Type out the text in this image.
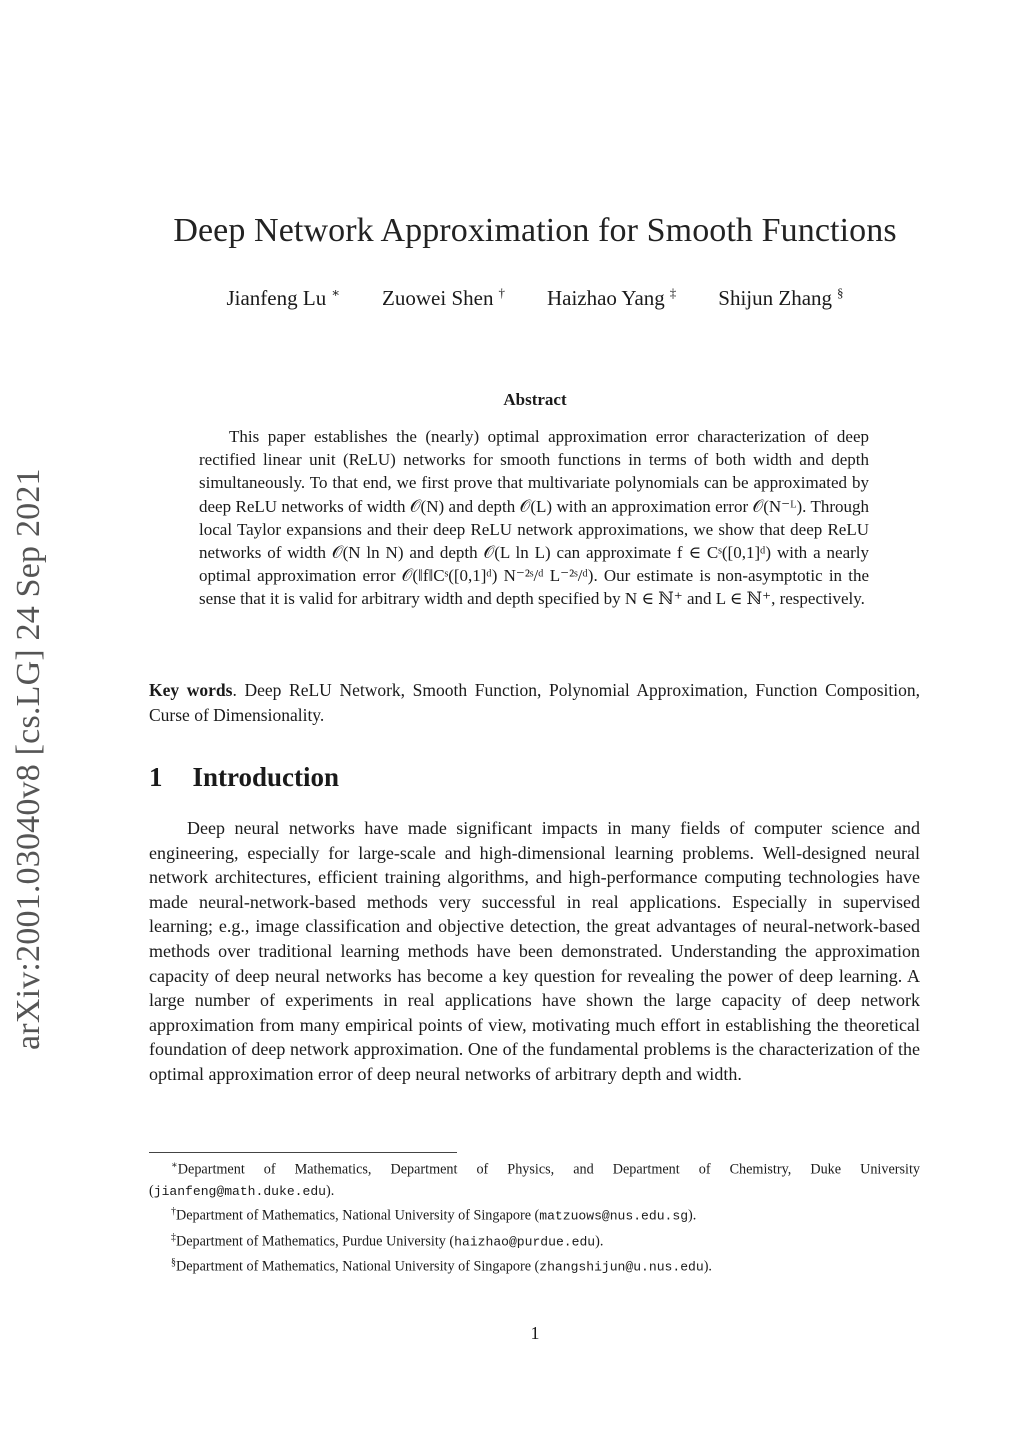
arXiv:2001.03040v8 [cs.LG] 24 Sep 2021
Deep Network Approximation for Smooth Functions
Jianfeng Lu ∗ Zuowei Shen † Haizhao Yang ‡ Shijun Zhang §
Abstract
This paper establishes the (nearly) optimal approximation error characterization of deep rectified linear unit (ReLU) networks for smooth functions in terms of both width and depth simultaneously. To that end, we first prove that multivariate polynomials can be approximated by deep ReLU networks of width 𝒪(N) and depth 𝒪(L) with an approximation error 𝒪(N⁻ᴸ). Through local Taylor expansions and their deep ReLU network approximations, we show that deep ReLU networks of width 𝒪(N ln N) and depth 𝒪(L ln L) can approximate f ∈ Cˢ([0,1]ᵈ) with a nearly optimal approximation error 𝒪(‖f‖Cˢ([0,1]ᵈ) N⁻²ˢ/ᵈ L⁻²ˢ/ᵈ). Our estimate is non-asymptotic in the sense that it is valid for arbitrary width and depth specified by N ∈ ℕ⁺ and L ∈ ℕ⁺, respectively.
Key words. Deep ReLU Network, Smooth Function, Polynomial Approximation, Function Composition, Curse of Dimensionality.
1 Introduction
Deep neural networks have made significant impacts in many fields of computer science and engineering, especially for large-scale and high-dimensional learning problems. Well-designed neural network architectures, efficient training algorithms, and high-performance computing technologies have made neural-network-based methods very successful in real applications. Especially in supervised learning; e.g., image classification and objective detection, the great advantages of neural-network-based methods over traditional learning methods have been demonstrated. Understanding the approximation capacity of deep neural networks has become a key question for revealing the power of deep learning. A large number of experiments in real applications have shown the large capacity of deep network approximation from many empirical points of view, motivating much effort in establishing the theoretical foundation of deep network approximation. One of the fundamental problems is the characterization of the optimal approximation error of deep neural networks of arbitrary depth and width.
∗Department of Mathematics, Department of Physics, and Department of Chemistry, Duke University (jianfeng@math.duke.edu).
†Department of Mathematics, National University of Singapore (matzuows@nus.edu.sg).
‡Department of Mathematics, Purdue University (haizhao@purdue.edu).
§Department of Mathematics, National University of Singapore (zhangshijun@u.nus.edu).
1
